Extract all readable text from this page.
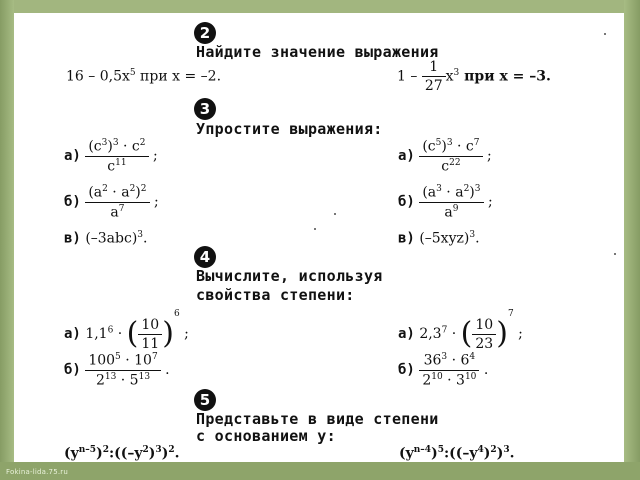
Fokina-lida.75.ru
2
Найдите значение выражения
$16 - 0,5x^5$ при x = –2.	$1 - \frac{1}{27} x^3$ при x = –3.
3
Упростите выражения:
$а) \frac{(c^3)^3 \cdot c^2}{c^{11}}$ ;
$б) \frac{(a^2 \cdot a^2)^2}{a^7}$ ;
в) $(-3abc)^3$.
$а) \frac{(c^5)^3 \cdot c^7}{c^{22}}$ ;
$б) \frac{(a^3 \cdot a^2)^3}{a^9}$ ;
в) $(-5xyz)^3$.
4
Вычислите, используя
свойства степени:
а) $1,1^6$ · ( $\frac{10}{11} )^6$ ;
$б) \frac{100^5 \cdot 10^7}{2^{13} \cdot 5^{13}}$ .
а) $2,3^7$ · ( $\frac{10}{23} )^7$ ;
$б) \frac{36^3 \cdot 6^4}{2^{10} \cdot 3^{10}}$ .
5
Представьте в виде степени
с основанием y:
$(y^{n-5})^2:((-y^2)^3)^2$.	$(y^{n-4})^5:((-y^4)^2)^3$.
